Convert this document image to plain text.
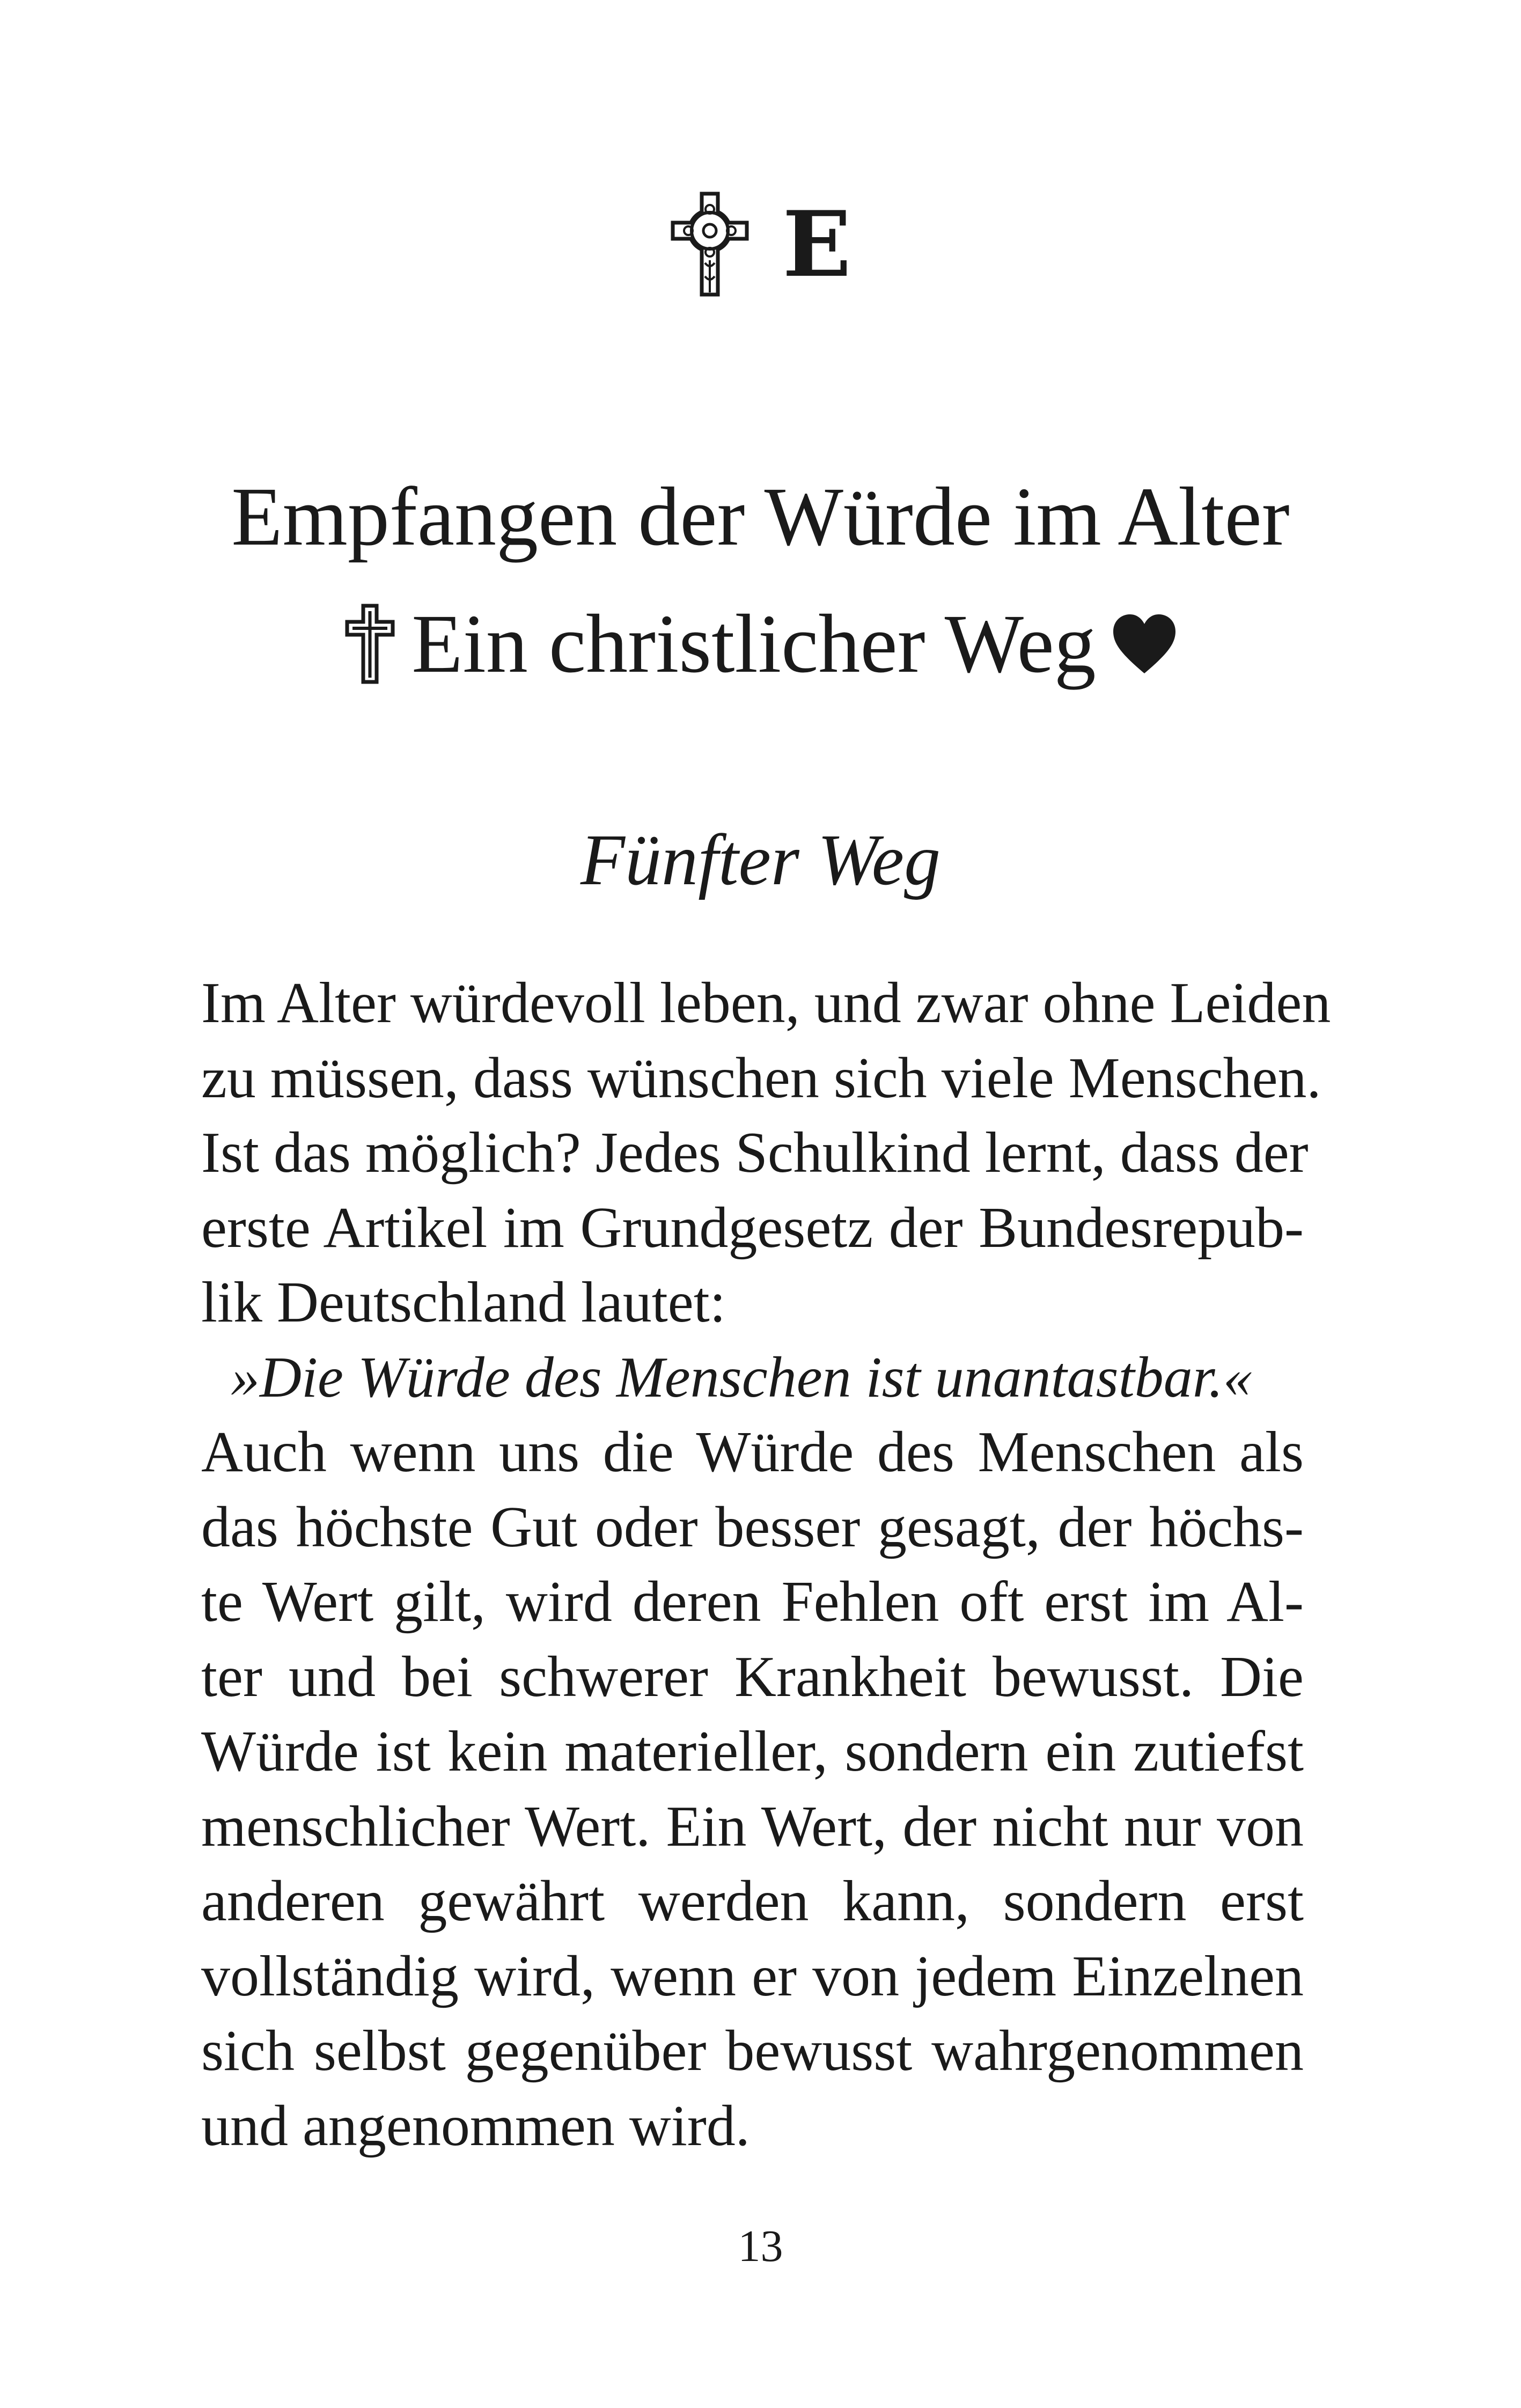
E
Empfangen der Würde im Alter
Ein christlicher Weg
Fünfter Weg
Im Alter würdevoll leben, und zwar ohne Leiden
zu müssen, dass wünschen sich viele Menschen.
Ist das möglich? Jedes Schulkind lernt, dass der
erste Artikel im Grundgesetz der Bundesrepub-
lik Deutschland lautet:
»Die Würde des Menschen ist unantastbar.«
Auch wenn uns die Würde des Menschen als
das höchste Gut oder besser gesagt, der höchs-
te Wert gilt, wird deren Fehlen oft erst im Al-
ter und bei schwerer Krankheit bewusst. Die
Würde ist kein materieller, sondern ein zutiefst
menschlicher Wert. Ein Wert, der nicht nur von
anderen gewährt werden kann, sondern erst
vollständig wird, wenn er von jedem Einzelnen
sich selbst gegenüber bewusst wahrgenommen
und angenommen wird.
13
